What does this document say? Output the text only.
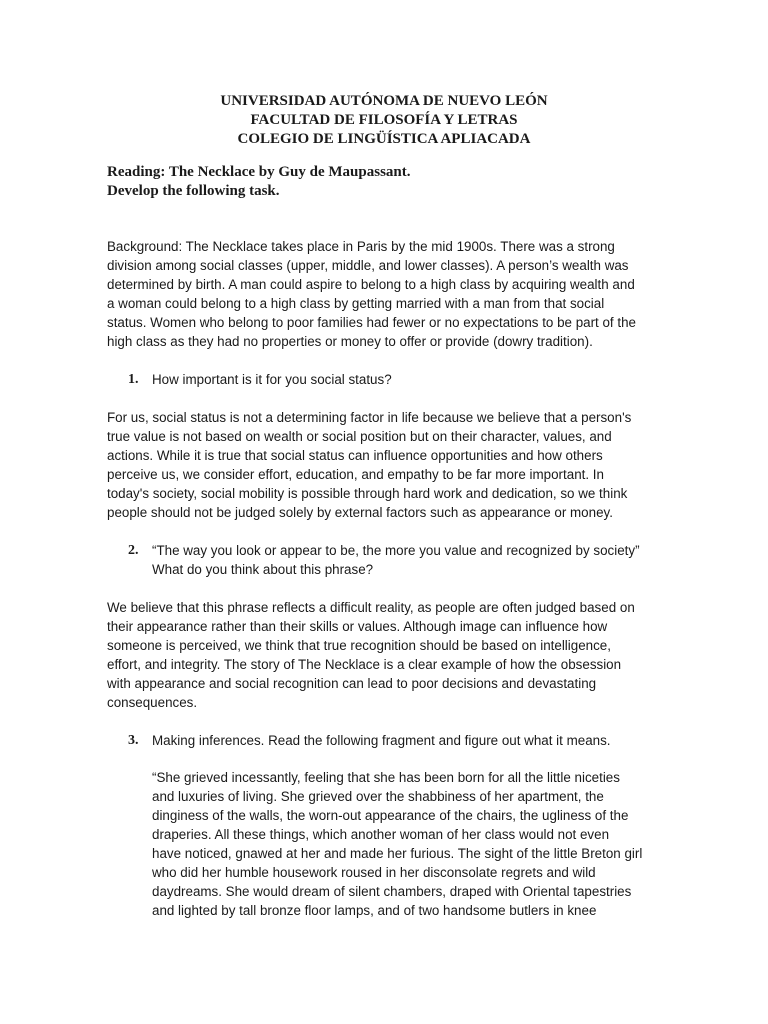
UNIVERSIDAD AUTÓNOMA DE NUEVO LEÓN
FACULTAD DE FILOSOFÍA Y LETRAS
COLEGIO DE LINGÜÍSTICA APLIACADA
Reading: The Necklace by Guy de Maupassant.
Develop the following task.
Background: The Necklace takes place in Paris by the mid 1900s. There was a strong
division among social classes (upper, middle, and lower classes). A person’s wealth was
determined by birth. A man could aspire to belong to a high class by acquiring wealth and
a woman could belong to a high class by getting married with a man from that social
status. Women who belong to poor families had fewer or no expectations to be part of the
high class as they had no properties or money to offer or provide (dowry tradition).
1. How important is it for you social status?
For us, social status is not a determining factor in life because we believe that a person's
true value is not based on wealth or social position but on their character, values, and
actions. While it is true that social status can influence opportunities and how others
perceive us, we consider effort, education, and empathy to be far more important. In
today's society, social mobility is possible through hard work and dedication, so we think
people should not be judged solely by external factors such as appearance or money.
2. “The way you look or appear to be, the more you value and recognized by society”
What do you think about this phrase?
We believe that this phrase reflects a difficult reality, as people are often judged based on
their appearance rather than their skills or values. Although image can influence how
someone is perceived, we think that true recognition should be based on intelligence,
effort, and integrity. The story of The Necklace is a clear example of how the obsession
with appearance and social recognition can lead to poor decisions and devastating
consequences.
3. Making inferences. Read the following fragment and figure out what it means.
“She grieved incessantly, feeling that she has been born for all the little niceties
and luxuries of living. She grieved over the shabbiness of her apartment, the
dinginess of the walls, the worn-out appearance of the chairs, the ugliness of the
draperies. All these things, which another woman of her class would not even
have noticed, gnawed at her and made her furious. The sight of the little Breton girl
who did her humble housework roused in her disconsolate regrets and wild
daydreams. She would dream of silent chambers, draped with Oriental tapestries
and lighted by tall bronze floor lamps, and of two handsome butlers in knee
